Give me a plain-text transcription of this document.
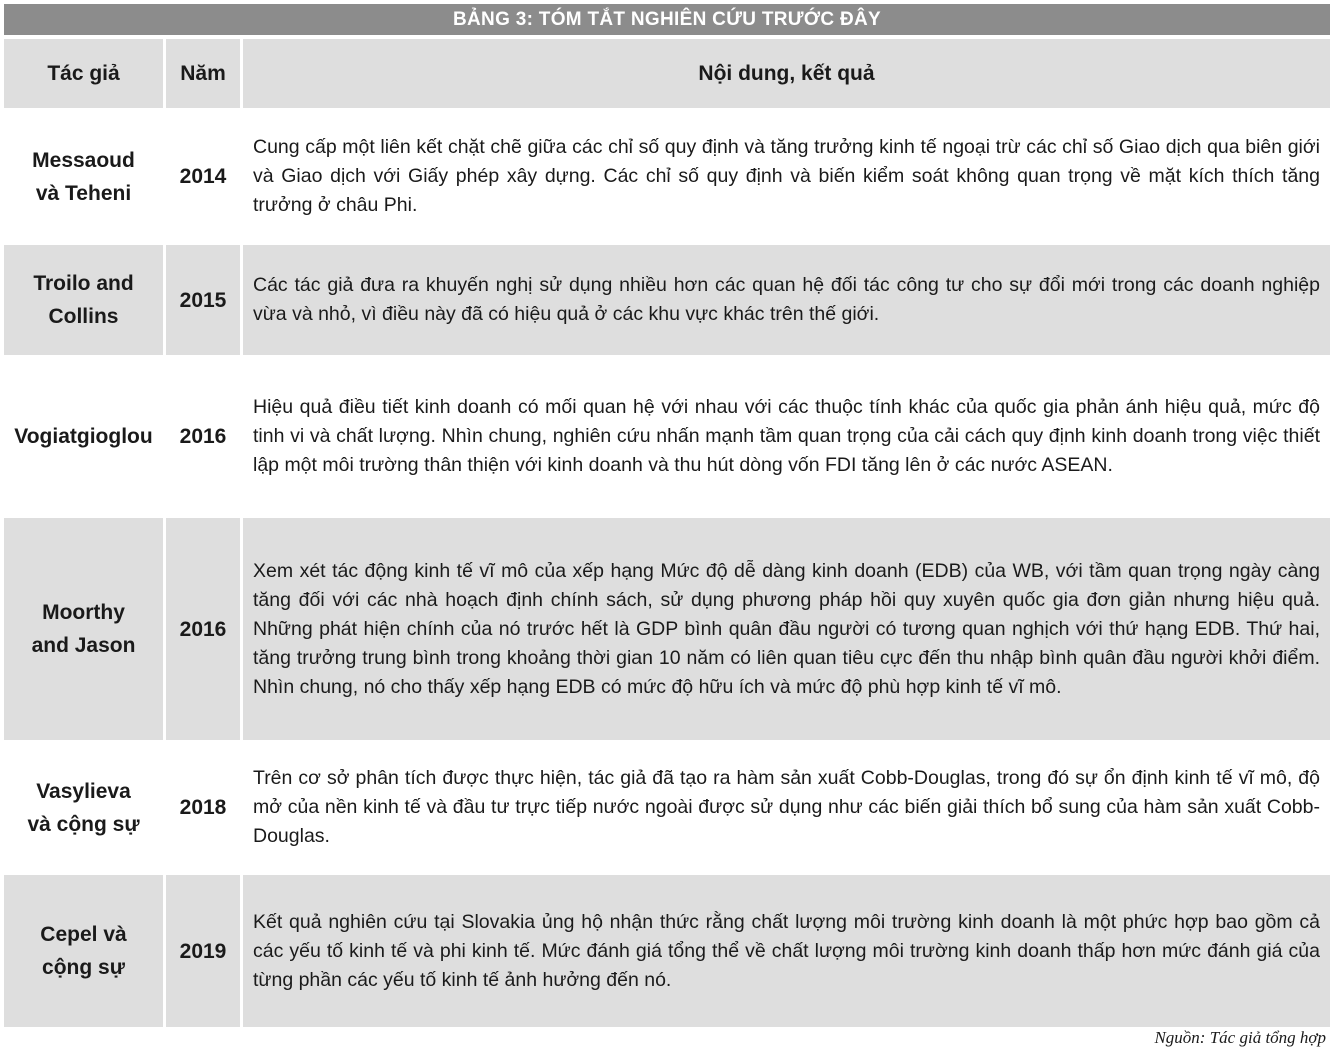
BẢNG 3: TÓM TẮT NGHIÊN CỨU TRƯỚC ĐÂY

Tác giả	Năm	Nội dung, kết quả

Messaoud
và Teheni	2014	Cung cấp một liên kết chặt chẽ giữa các chỉ số quy định và tăng trưởng kinh tế ngoại trừ các chỉ số Giao dịch qua biên giới và Giao dịch với Giấy phép xây dựng. Các chỉ số quy định và biến kiểm soát không quan trọng về mặt kích thích tăng trưởng ở châu Phi.

Troilo and
Collins	2015	Các tác giả đưa ra khuyến nghị sử dụng nhiều hơn các quan hệ đối tác công tư cho sự đổi mới trong các doanh nghiệp vừa và nhỏ, vì điều này đã có hiệu quả ở các khu vực khác trên thế giới.

Vogiatgioglou	2016	Hiệu quả điều tiết kinh doanh có mối quan hệ với nhau với các thuộc tính khác của quốc gia phản ánh hiệu quả, mức độ tinh vi và chất lượng. Nhìn chung, nghiên cứu nhấn mạnh tầm quan trọng của cải cách quy định kinh doanh trong việc thiết lập một môi trường thân thiện với kinh doanh và thu hút dòng vốn FDI tăng lên ở các nước ASEAN.

Moorthy
and Jason	2016	Xem xét tác động kinh tế vĩ mô của xếp hạng Mức độ dễ dàng kinh doanh (EDB) của WB, với tầm quan trọng ngày càng tăng đối với các nhà hoạch định chính sách, sử dụng phương pháp hồi quy xuyên quốc gia đơn giản nhưng hiệu quả. Những phát hiện chính của nó trước hết là GDP bình quân đầu người có tương quan nghịch với thứ hạng EDB. Thứ hai, tăng trưởng trung bình trong khoảng thời gian 10 năm có liên quan tiêu cực đến thu nhập bình quân đầu người khởi điểm. Nhìn chung, nó cho thấy xếp hạng EDB có mức độ hữu ích và mức độ phù hợp kinh tế vĩ mô.

Vasylieva
và cộng sự	2018	Trên cơ sở phân tích được thực hiện, tác giả đã tạo ra hàm sản xuất Cobb-Douglas, trong đó sự ổn định kinh tế vĩ mô, độ mở của nền kinh tế và đầu tư trực tiếp nước ngoài được sử dụng như các biến giải thích bổ sung của hàm sản xuất Cobb-Douglas.

Cepel và
cộng sự	2019	Kết quả nghiên cứu tại Slovakia ủng hộ nhận thức rằng chất lượng môi trường kinh doanh là một phức hợp bao gồm cả các yếu tố kinh tế và phi kinh tế. Mức đánh giá tổng thể về chất lượng môi trường kinh doanh thấp hơn mức đánh giá của từng phần các yếu tố kinh tế ảnh hưởng đến nó.
Nguồn: Tác giả tổng hợp
